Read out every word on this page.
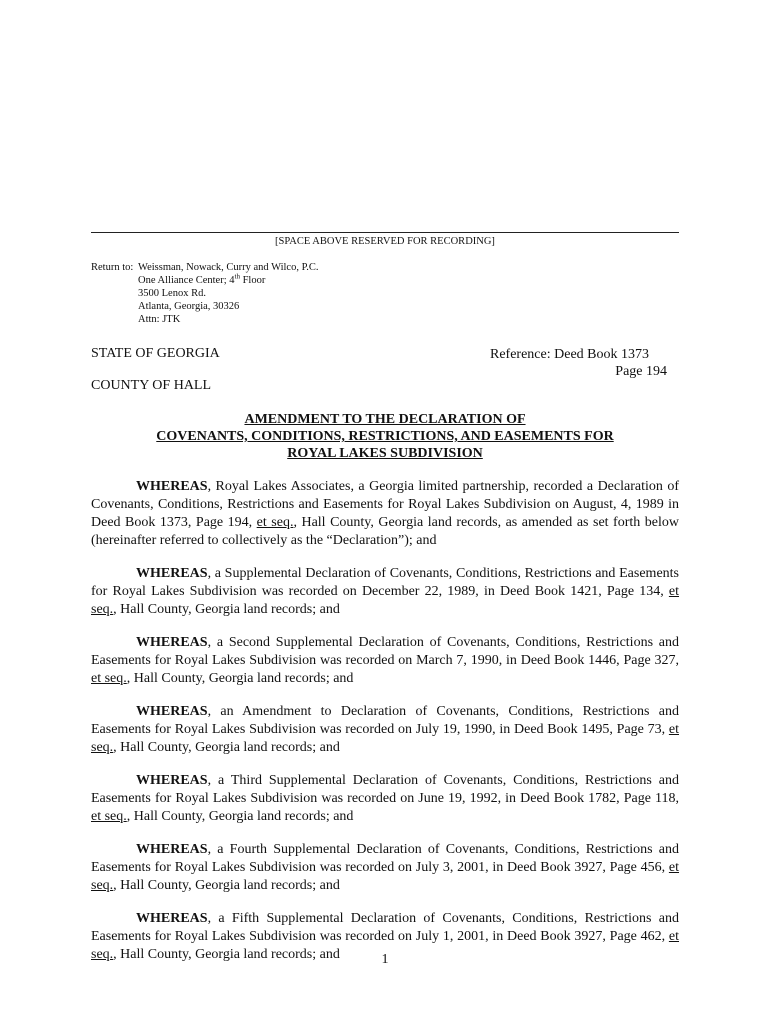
[SPACE ABOVE RESERVED FOR RECORDING]
Return to: Weissman, Nowack, Curry and Wilco, P.C.
One Alliance Center; 4th Floor
3500 Lenox Rd.
Atlanta, Georgia, 30326
Attn: JTK
STATE OF GEORGIA
COUNTY OF HALL
Reference: Deed Book 1373
Page 194
AMENDMENT TO THE DECLARATION OF
COVENANTS, CONDITIONS, RESTRICTIONS, AND EASEMENTS FOR
ROYAL LAKES SUBDIVISION

WHEREAS, Royal Lakes Associates, a Georgia limited partnership, recorded a Declaration of Covenants, Conditions, Restrictions and Easements for Royal Lakes Subdivision on August, 4, 1989 in Deed Book 1373, Page 194, et seq., Hall County, Georgia land records, as amended as set forth below (hereinafter referred to collectively as the “Declaration”); and

WHEREAS, a Supplemental Declaration of Covenants, Conditions, Restrictions and Easements for Royal Lakes Subdivision was recorded on December 22, 1989, in Deed Book 1421, Page 134, et seq., Hall County, Georgia land records; and

WHEREAS, a Second Supplemental Declaration of Covenants, Conditions, Restrictions and Easements for Royal Lakes Subdivision was recorded on March 7, 1990, in Deed Book 1446, Page 327, et seq., Hall County, Georgia land records; and

WHEREAS, an Amendment to Declaration of Covenants, Conditions, Restrictions and Easements for Royal Lakes Subdivision was recorded on July 19, 1990, in Deed Book 1495, Page 73, et seq., Hall County, Georgia land records; and

WHEREAS, a Third Supplemental Declaration of Covenants, Conditions, Restrictions and Easements for Royal Lakes Subdivision was recorded on June 19, 1992, in Deed Book 1782, Page 118, et seq., Hall County, Georgia land records; and

WHEREAS, a Fourth Supplemental Declaration of Covenants, Conditions, Restrictions and Easements for Royal Lakes Subdivision was recorded on July 3, 2001, in Deed Book 3927, Page 456, et seq., Hall County, Georgia land records; and

WHEREAS, a Fifth Supplemental Declaration of Covenants, Conditions, Restrictions and Easements for Royal Lakes Subdivision was recorded on July 1, 2001, in Deed Book 3927, Page 462, et seq., Hall County, Georgia land records; and	1
